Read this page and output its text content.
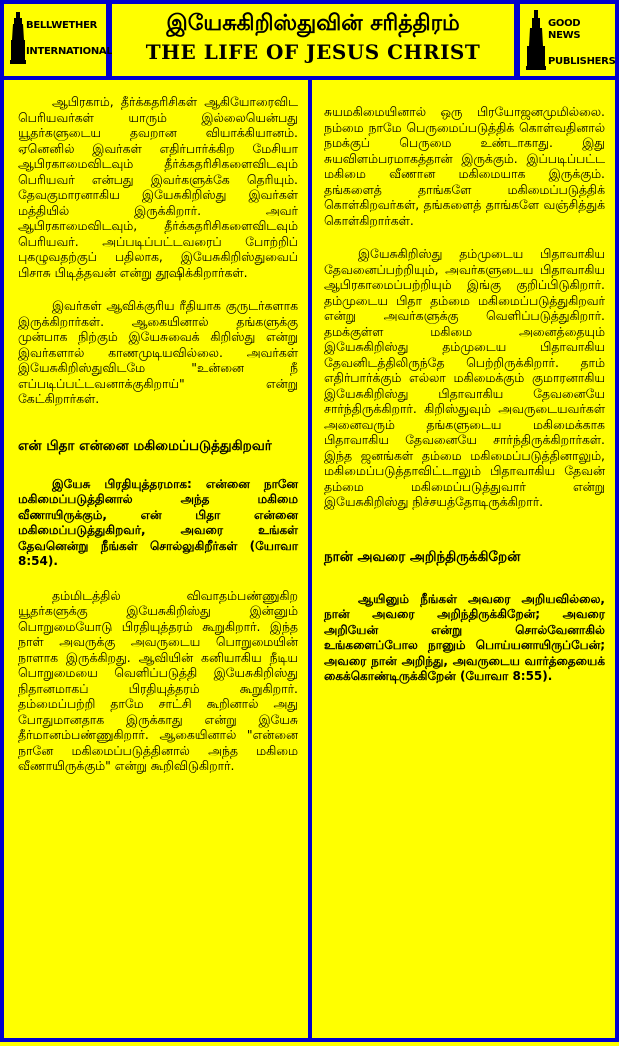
BELLWETHER
INTERNATIONAL
இயேசுகிறிஸ்துவின் சரித்திரம்
THE LIFE OF JESUS CHRIST
GOOD NEWS
PUBLISHERS

ஆபிரகாம், தீர்க்கதரிசிகள் ஆகியோரைவிட பெரியவர்கள் யாரும் இல்லையென்பது யூதர்களுடைய தவறான வியாக்கியானம். ஏனெனில் இவர்கள் எதிர்பார்க்கிற மேசியா ஆபிரகாமைவிடவும் தீர்க்கதரிசிகளைவிடவும் பெரியவர் என்பது இவர்களுக்கே தெரியும். தேவகுமாரனாகிய இயேசுகிறிஸ்து இவர்கள் மத்தியில் இருக்கிறார். அவர் ஆபிரகாமைவிடவும், தீர்க்கதரிசிகளைவிடவும் பெரியவர். அப்படிப்பட்டவரைப் போற்றிப் புகழுவதற்குப் பதிலாக, இயேசுகிறிஸ்துவைப் பிசாசு பிடித்தவன் என்று தூஷிக்கிறார்கள்.

இவர்கள் ஆவிக்குரிய ரீதியாக குருடர்களாக இருக்கிறார்கள். ஆகையினால் தங்களுக்கு முன்பாக நிற்கும் இயேசுவைக் கிறிஸ்து என்று இவர்களால் காணமுடியவில்லை. அவர்கள் இயேசுகிறிஸ்துவிடமே "உன்னை நீ எப்படிப்பட்டவனாக்குகிறாய்" என்று கேட்கிறார்கள்.

என் பிதா என்னை மகிமைப்படுத்துகிறவர்

இயேசு பிரதியுத்தரமாக: என்னை நானே மகிமைப்படுத்தினால் அந்த மகிமை வீணாயிருக்கும், என் பிதா என்னை மகிமைப்படுத்துகிறவர், அவரை உங்கள் தேவனென்று நீங்கள் சொல்லுகிறீர்கள் (யோவா 8:54).

தம்மிடத்தில் விவாதம்பண்ணுகிற யூதர்களுக்கு இயேசுகிறிஸ்து இன்னும் பொறுமையோடு பிரதியுத்தரம் கூறுகிறார். இந்த நாள் அவருக்கு அவருடைய பொறுமையின் நாளாக இருக்கிறது. ஆவியின் கனியாகிய நீடிய பொறுமையை வெளிப்படுத்தி இயேசுகிறிஸ்து நிதானமாகப் பிரதியுத்தரம் கூறுகிறார். தம்மைப்பற்றி தாமே சாட்சி கூறினால் அது போதுமானதாக இருக்காது என்று இயேசு தீர்மானம்பண்ணுகிறார். ஆகையினால் "என்னை நானே மகிமைப்படுத்தினால் அந்த மகிமை வீணாயிருக்கும்" என்று கூறிவிடுகிறார்.

சுயமகிமையினால் ஒரு பிரயோஜனமுமில்லை. நம்மை நாமே பெருமைப்படுத்திக் கொள்வதினால் நமக்குப் பெருமை உண்டாகாது. இது சுயவிளம்பரமாகத்தான் இருக்கும். இப்படிப்பட்ட மகிமை வீணான மகிமையாக இருக்கும். தங்களைத் தாங்களே மகிமைப்படுத்திக் கொள்கிறவர்கள், தங்களைத் தாங்களே வஞ்சித்துக் கொள்கிறார்கள்.

இயேசுகிறிஸ்து தம்முடைய பிதாவாகிய தேவனைப்பற்றியும், அவர்களுடைய பிதாவாகிய ஆபிரகாமைப்பற்றியும் இங்கு குறிப்பிடுகிறார். தம்முடைய பிதா தம்மை மகிமைப்படுத்துகிறவர் என்று அவர்களுக்கு வெளிப்படுத்துகிறார். தமக்குள்ள மகிமை அனைத்தையும் இயேசுகிறிஸ்து தம்முடைய பிதாவாகிய தேவனிடத்திலிருந்தே பெற்றிருக்கிறார். தாம் எதிர்பார்க்கும் எல்லா மகிமைக்கும் குமாரனாகிய இயேசுகிறிஸ்து பிதாவாகிய தேவனையே சார்ந்திருக்கிறார். கிறிஸ்துவும் அவருடையவர்கள் அனைவரும் தங்களுடைய மகிமைக்காக பிதாவாகிய தேவனையே சார்ந்திருக்கிறார்கள். இந்த ஜனங்கள் தம்மை மகிமைப்படுத்தினாலும், மகிமைப்படுத்தாவிட்டாலும் பிதாவாகிய தேவன் தம்மை மகிமைப்படுத்துவார் என்று இயேசுகிறிஸ்து நிச்சயத்தோடிருக்கிறார்.

நான் அவரை அறிந்திருக்கிறேன்

ஆயினும் நீங்கள் அவரை அறியவில்லை, நான் அவரை அறிந்திருக்கிறேன்; அவரை அறியேன் என்று சொல்வேனாகில் உங்களைப்போல நானும் பொய்யனாயிருப்பேன்; அவரை நான் அறிந்து, அவருடைய வார்த்தையைக் கைக்கொண்டிருக்கிறேன் (யோவா 8:55).
